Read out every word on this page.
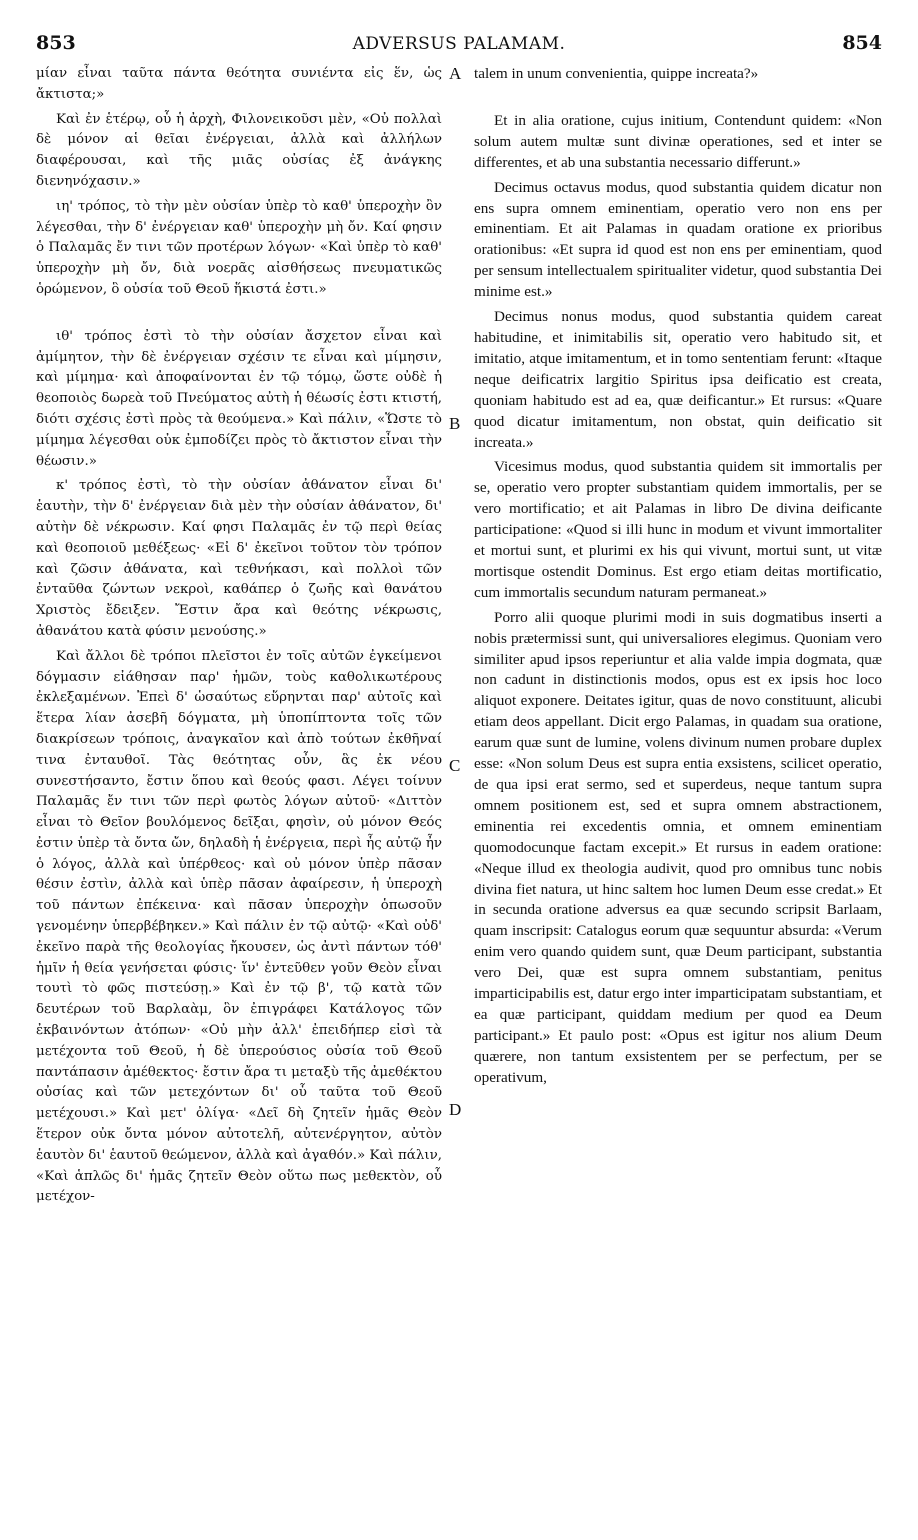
853	ADVERSUS PALAMAM.	854

μίαν εἶναι ταῦτα πάντα θεότητα συνιέντα εἰς ἕν, ὡς ἄκτιστα;»

Καὶ ἐν ἑτέρῳ, οὗ ἡ ἀρχὴ, Φιλονεικοῦσι μὲν, «Οὐ πολλαὶ δὲ μόνον αἱ θεῖαι ἐνέργειαι, ἀλλὰ καὶ ἀλλήλων διαφέρουσαι, καὶ τῆς μιᾶς οὐσίας ἐξ ἀνάγκης διενηνόχασιν.»

ιη' τρόπος, τὸ τὴν μὲν οὐσίαν ὑπὲρ τὸ καθ' ὑπεροχὴν ὂν λέγεσθαι, τὴν δ' ἐνέργειαν καθ' ὑπεροχὴν μὴ ὄν. Καί φησιν ὁ Παλαμᾶς ἔν τινι τῶν προτέρων λόγων· «Καὶ ὑπὲρ τὸ καθ' ὑπεροχὴν μὴ ὄν, διὰ νοερᾶς αἰσθήσεως πνευματικῶς ὁρώμενον, ὃ οὐσία τοῦ Θεοῦ ἥκιστά ἐστι.»

ιθ' τρόπος ἐστὶ τὸ τὴν οὐσίαν ἄσχετον εἶναι καὶ ἀμίμητον, τὴν δὲ ἐνέργειαν σχέσιν τε εἶναι καὶ μίμησιν, καὶ μίμημα· καὶ ἀποφαίνονται ἐν τῷ τόμῳ, ὥστε οὐδὲ ἡ θεοποιὸς δωρεὰ τοῦ Πνεύματος αὐτὴ ἡ θέωσίς ἐστι κτιστή, διότι σχέσις ἐστὶ πρὸς τὰ θεούμενα.» Καὶ πάλιν, «Ὥστε τὸ μίμημα λέγεσθαι οὐκ ἐμποδίζει πρὸς τὸ ἄκτιστον εἶναι τὴν θέωσιν.»

κ' τρόπος ἐστὶ, τὸ τὴν οὐσίαν ἀθάνατον εἶναι δι' ἑαυτὴν, τὴν δ' ἐνέργειαν διὰ μὲν τὴν οὐσίαν ἀθάνατον, δι' αὐτὴν δὲ νέκρωσιν. Καί φησι Παλαμᾶς ἐν τῷ περὶ θείας καὶ θεοποιοῦ μεθέξεως· «Εἰ δ' ἐκεῖνοι τοῦτον τὸν τρόπον καὶ ζῶσιν ἀθάνατα, καὶ τεθνήκασι, καὶ πολλοὶ τῶν ἐνταῦθα ζώντων νεκροὶ, καθάπερ ὁ ζωῆς καὶ θανάτου Χριστὸς ἔδειξεν. Ἔστιν ἄρα καὶ θεότης νέκρωσις, ἀθανάτου κατὰ φύσιν μενούσης.»

Καὶ ἄλλοι δὲ τρόποι πλεῖστοι ἐν τοῖς αὐτῶν ἐγκείμενοι δόγμασιν εἰάθησαν παρ' ἡμῶν, τοὺς καθολικωτέρους ἐκλεξαμένων. Ἐπεὶ δ' ὡσαύτως εὕρηνται παρ' αὐτοῖς καὶ ἕτερα λίαν ἀσεβῆ δόγματα, μὴ ὑποπίπτοντα τοῖς τῶν διακρίσεων τρόποις, ἀναγκαῖον καὶ ἀπὸ τούτων ἐκθῆναί τινα ἐνταυθοῖ. Τὰς θεότητας οὖν, ἃς ἐκ νέου συνεστήσαντο, ἔστιν ὅπου καὶ θεούς φασι. Λέγει τοίνυν Παλαμᾶς ἔν τινι τῶν περὶ φωτὸς λόγων αὐτοῦ· «Διττὸν εἶναι τὸ Θεῖον βουλόμενος δεῖξαι, φησὶν, οὐ μόνον Θεός ἐστιν ὑπὲρ τὰ ὄντα ὤν, δηλαδὴ ἡ ἐνέργεια, περὶ ἧς αὐτῷ ἦν ὁ λόγος, ἀλλὰ καὶ ὑπέρθεος· καὶ οὐ μόνον ὑπὲρ πᾶσαν θέσιν ἐστὶν, ἀλλὰ καὶ ὑπὲρ πᾶσαν ἀφαίρεσιν, ἡ ὑπεροχὴ τοῦ πάντων ἐπέκεινα· καὶ πᾶσαν ὑπεροχὴν ὁπωσοῦν γενομένην ὑπερβέβηκεν.» Καὶ πάλιν ἐν τῷ αὐτῷ· «Καὶ οὐδ' ἐκεῖνο παρὰ τῆς θεολογίας ἤκουσεν, ὡς ἀντὶ πάντων τόθ' ἡμῖν ἡ θεία γενήσεται φύσις· ἵν' ἐντεῦθεν γοῦν Θεὸν εἶναι τουτὶ τὸ φῶς πιστεύσῃ.» Καὶ ἐν τῷ β', τῷ κατὰ τῶν δευτέρων τοῦ Βαρλαὰμ, ὃν ἐπιγράφει Κατάλογος τῶν ἐκβαινόντων ἀτόπων· «Οὐ μὴν ἀλλ' ἐπειδήπερ εἰσὶ τὰ μετέχοντα τοῦ Θεοῦ, ἡ δὲ ὑπερούσιος οὐσία τοῦ Θεοῦ παντάπασιν ἀμέθεκτος· ἔστιν ἄρα τι μεταξὺ τῆς ἀμεθέκτου οὐσίας καὶ τῶν μετεχόντων δι' οὗ ταῦτα τοῦ Θεοῦ μετέχουσι.» Καὶ μετ' ὀλίγα· «Δεῖ δὴ ζητεῖν ἡμᾶς Θεὸν ἕτερον οὐκ ὄντα μόνον αὐτοτελῆ, αὐτενέργητον, αὐτὸν ἑαυτὸν δι' ἑαυτοῦ θεώμενον, ἀλλὰ καὶ ἀγαθόν.» Καὶ πάλιν, «Καὶ ἁπλῶς δι' ἡμᾶς ζητεῖν Θεὸν οὕτω πως μεθεκτὸν, οὗ μετέχον-

talem in unum convenientia, quippe increata?»

Et in alia oratione, cujus initium, Contendunt quidem: «Non solum autem multæ sunt divinæ operationes, sed et inter se differentes, et ab una substantia necessario differunt.»

Decimus octavus modus, quod substantia quidem dicatur non ens supra omnem eminentiam, operatio vero non ens per eminentiam. Et ait Palamas in quadam oratione ex prioribus orationibus: «Et supra id quod est non ens per eminentiam, quod per sensum intellectualem spiritualiter videtur, quod substantia Dei minime est.»

Decimus nonus modus, quod substantia quidem careat habitudine, et inimitabilis sit, operatio vero habitudo sit, et imitatio, atque imitamentum, et in tomo sententiam ferunt: «Itaque neque deificatrix largitio Spiritus ipsa deificatio est creata, quoniam habitudo est ad ea, quæ deificantur.» Et rursus: «Quare quod dicatur imitamentum, non obstat, quin deificatio sit increata.»

Vicesimus modus, quod substantia quidem sit immortalis per se, operatio vero propter substantiam quidem immortalis, per se vero mortificatio; et ait Palamas in libro De divina deificante participatione: «Quod si illi hunc in modum et vivunt immortaliter et mortui sunt, et plurimi ex his qui vivunt, mortui sunt, ut vitæ mortisque ostendit Dominus. Est ergo etiam deitas mortificatio, cum immortalis secundum naturam permaneat.»

Porro alii quoque plurimi modi in suis dogmatibus inserti a nobis prætermissi sunt, qui universaliores elegimus. Quoniam vero similiter apud ipsos reperiuntur et alia valde impia dogmata, quæ non cadunt in distinctionis modos, opus est ex ipsis hoc loco aliquot exponere. Deitates igitur, quas de novo constituunt, alicubi etiam deos appellant. Dicit ergo Palamas, in quadam sua oratione, earum quæ sunt de lumine, volens divinum numen probare duplex esse: «Non solum Deus est supra entia exsistens, scilicet operatio, de qua ipsi erat sermo, sed et superdeus, neque tantum supra omnem positionem est, sed et supra omnem abstractionem, eminentia rei excedentis omnia, et omnem eminentiam quomodocunque factam excepit.» Et rursus in eadem oratione: «Neque illud ex theologia audivit, quod pro omnibus tunc nobis divina fiet natura, ut hinc saltem hoc lumen Deum esse credat.» Et in secunda oratione adversus ea quæ secundo scripsit Barlaam, quam inscripsit: Catalogus eorum quæ sequuntur absurda: «Verum enim vero quando quidem sunt, quæ Deum participant, substantia vero Dei, quæ est supra omnem substantiam, penitus imparticipabilis est, datur ergo inter imparticipatam substantiam, et ea quæ participant, quiddam medium per quod ea Deum participant.» Et paulo post: «Opus est igitur nos alium Deum quærere, non tantum exsistentem per se perfectum, per se operativum,

A
B
C
D
